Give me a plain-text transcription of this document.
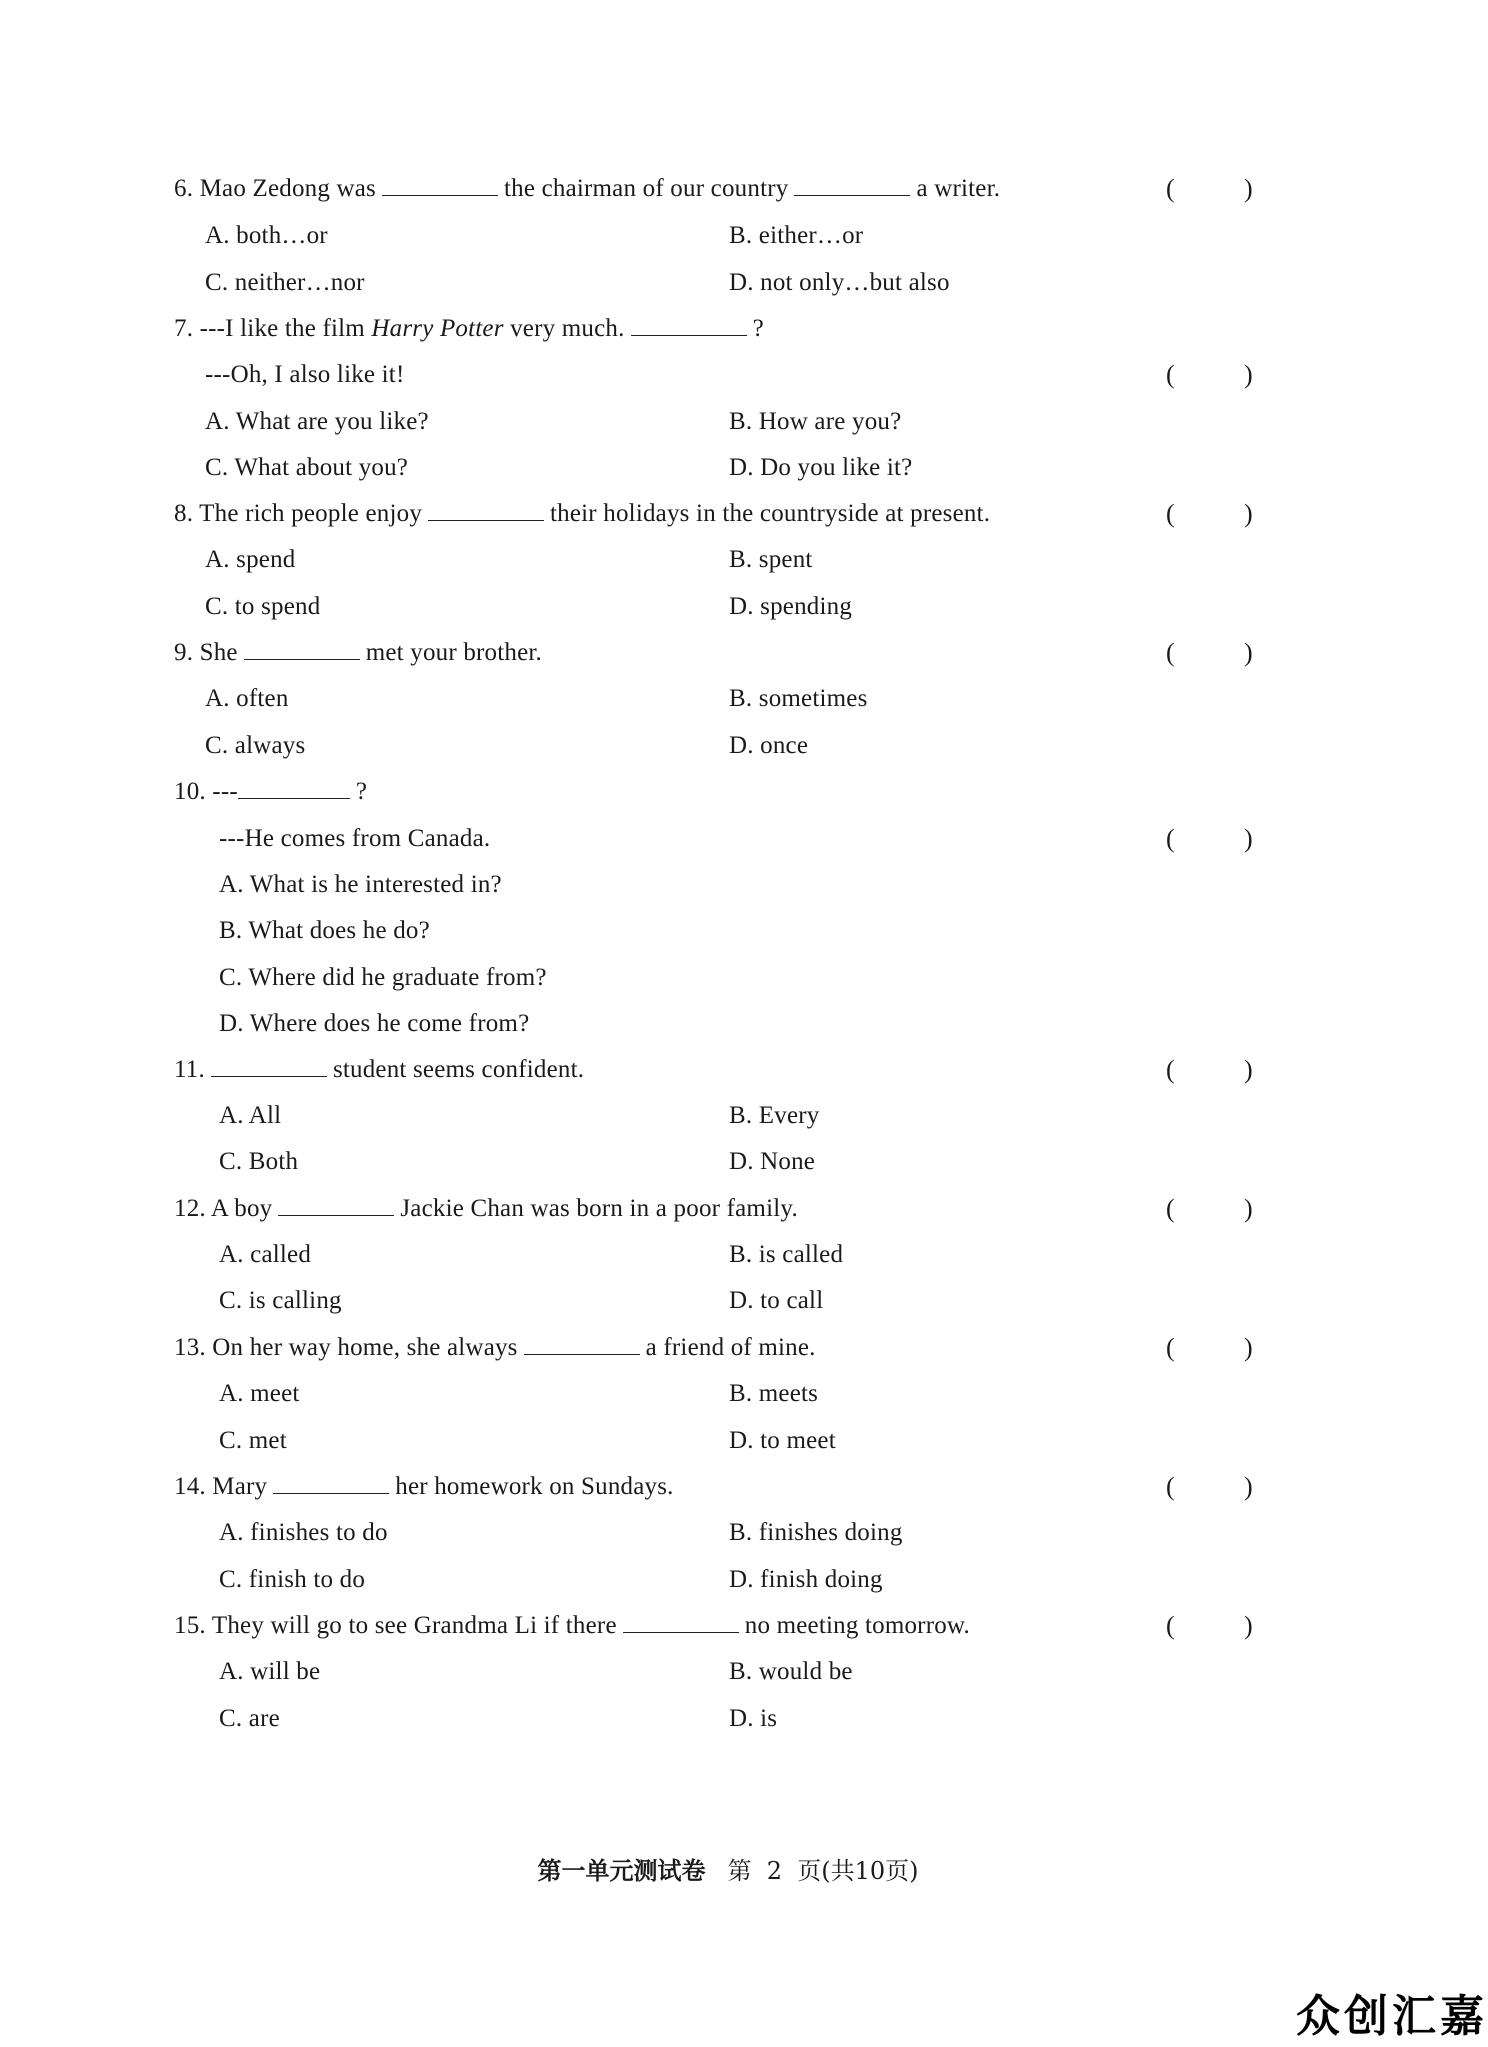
6. Mao Zedong was	the chairman of our country	a writer.	(	)
A. both…or	B. either…or
C. neither…nor	D. not only…but also
7. ---I like the film Harry Potter very much.	?
---Oh, I also like it!	(	)
A. What are you like?	B. How are you?
C. What about you?	D. Do you like it?
8. The rich people enjoy	their holidays in the countryside at present.	(	)
A. spend	B. spent
C. to spend	D. spending
9. She	met your brother.	(	)
A. often	B. sometimes
C. always	D. once
10. ---	?
---He comes from Canada.	(	)
A. What is he interested in?
B. What does he do?
C. Where did he graduate from?
D. Where does he come from?
11.	student seems confident.	(	)
A. All	B. Every
C. Both	D. None
12. A boy	Jackie Chan was born in a poor family.	(	)
A. called	B. is called
C. is calling	D. to call
13. On her way home, she always	a friend of mine.	(	)
A. meet	B. meets
C. met	D. to meet
14. Mary	her homework on Sundays.	(	)
A. finishes to do	B. finishes doing
C. finish to do	D. finish doing
15. They will go to see Grandma Li if there	no meeting tomorrow.	(	)
A. will be	B. would be
C. are	D. is
第一单元测试卷 第 2 页(共10页)
众创汇嘉
